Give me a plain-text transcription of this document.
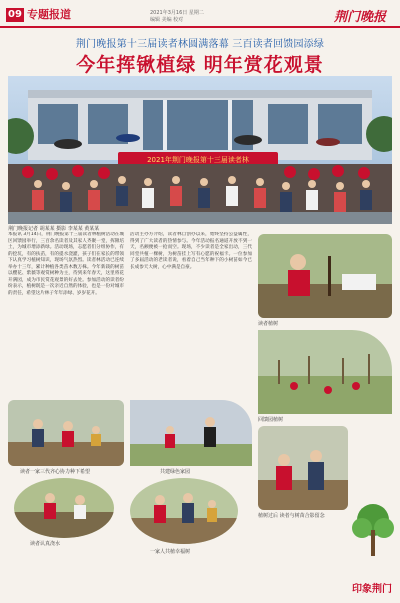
09 专题报道	2021年3月16日 星期二
编辑 美编 校对	荆门晚报
荆门晚报第十三届读者林圆满落幕 三百读者回馈园添绿
今年挥锹植绿 明年赏花观景
2021年荆门晚报第十三届读者林
荆门晚报记者 胡某某 摄影 李某某 黄某某
本报讯 3月14日，荆门晚报第十三届读者林植树活动在城区回馈园举行，三百余名读者及其家人齐聚一堂，挥锹培土，为城市增添新绿。活动现场，志愿者们分组协作，有的挖坑，有的扶苗，有的提水浇灌，孩子们在家长的带领下认真学习植树知识，现场气氛热烈。读者林活动已连续举办十三年，累计种植各类苗木数万株。今年新栽的树苗以樱花、紫薇等观赏树种为主，待到来年春天，这里将花开满园，成为市民赏花观景的好去处。参加活动的读者纷纷表示，植树既是一次亲近自然的体验，也是一份对城市的责任，希望这片林子年年添绿、岁岁花开。
活动主办方介绍，读者林自创办以来，始终坚持公益属性，得到了广大读者的热情参与。今年活动报名通道开放不到一天，名额便被一抢而空。现场，不少读者是全家出动，三代同堂共植一棵树，为树苗挂上写有心愿的祝福卡。一位参加了多届活动的老读者说，看着自己当年种下的小树苗如今已长成参天大树，心中满是自豪。
读者植树
回馈园植树
植树过后 读者与树苗合影留念
读者一家三代齐心协力种下希望	共建绿色家园
读者认真浇水
一家人共植幸福树
印象荆门
